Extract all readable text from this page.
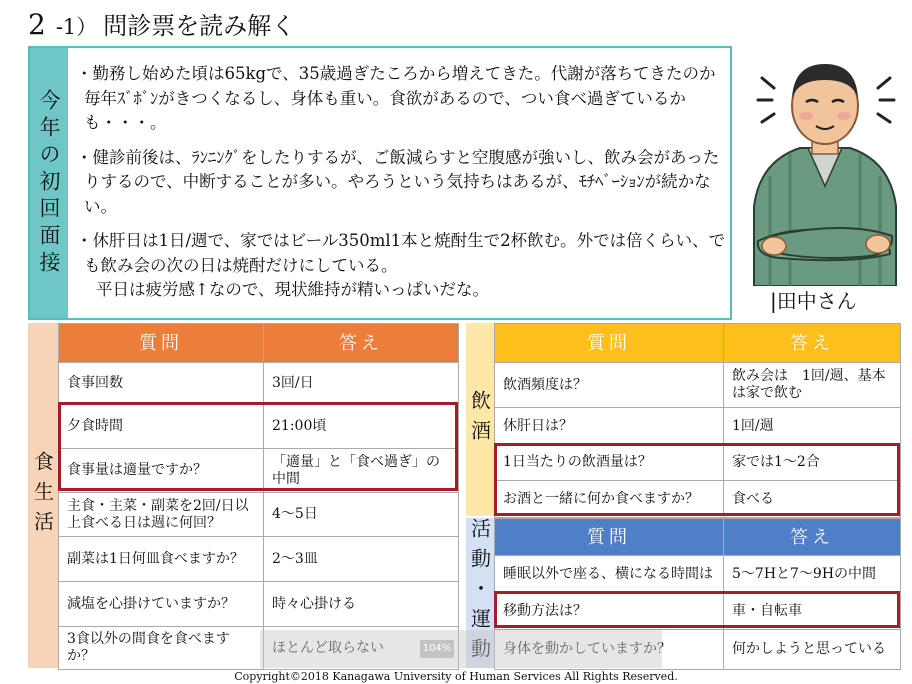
2 -1） 問診票を読み解く
今年の初回面接
・勤務し始めた頃は65kgで、35歳過ぎたころから増えてきた。代謝が落ちてきたのか毎年ｽﾞﾎﾞﾝがきつくなるし、身体も重い。食欲があるので、つい食べ過ぎているかも・・・。
・健診前後は、ﾗﾝﾆﾝｸﾞをしたりするが、ご飯減らすと空腹感が強いし、飲み会があったりするので、中断することが多い。やろうという気持ちはあるが、ﾓﾁﾍﾞｰｼｮﾝが続かない。
・休肝日は1日/週で、家ではビール350ml1本と焼酎生で2杯飲む。外では倍くらい、でも飲み会の次の日は焼酎だけにしている。
平日は疲労感↑なので、現状維持が精いっぱいだな。	|田中さん
食生活
質問	答え
食事回数	3回/日
夕食時間	21:00頃
食事量は適量ですか？	「適量」と「食べ過ぎ」の中間
主食・主菜・副菜を2回/日以上食べる日は週に何回？	4～5日
副菜は1日何皿食べますか？	2～3皿
減塩を心掛けていますか？	時々心掛ける
3食以外の間食を食べますか？	ほとんど取らない
飲酒
質問	答え
飲酒頻度は？	飲み会は　1回/週、基本は家で飲む
休肝日は？	1回/週
1日当たりの飲酒量は？	家では1～2合
お酒と一緒に何か食べますか？	食べる
活動・運動	質問	答え
睡眠以外で座る、横になる時間は	5～7Hと7～9Hの中間
移動方法は？	車・自転車
身体を動かしていますか？	何かしようと思っている
104%
Copyright©2018 Kanagawa University of Human Services All Rights Reserved.
